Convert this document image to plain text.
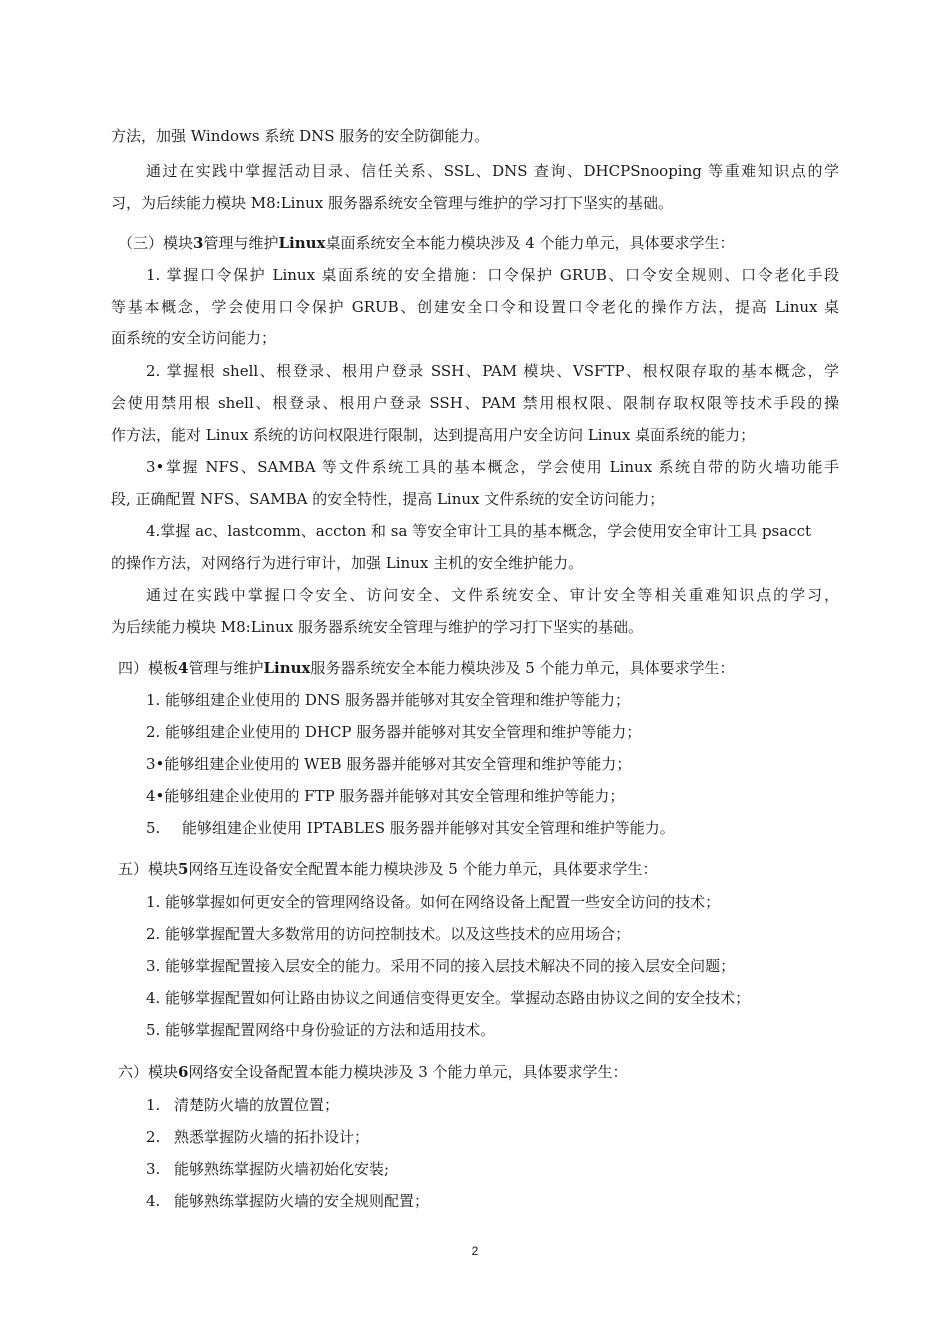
方法，加强 Windows 系统 DNS 服务的安全防御能力。
通过在实践中掌握活动目录、信任关系、SSL、DNS 查询、DHCPSnooping 等重难知识点的学
习，为后续能力模块 M8:Linux 服务器系统安全管理与维护的学习打下坚实的基础。
（三）模块3管理与维护Linux桌面系统安全本能力模块涉及 4 个能力单元，具体要求学生：
1. 掌握口令保护 Linux 桌面系统的安全措施：口令保护 GRUB、口令安全规则、口令老化手段
等基本概念，学会使用口令保护 GRUB、创建安全口令和设置口令老化的操作方法，提高 Linux 桌
面系统的安全访问能力；
2. 掌握根 shell、根登录、根用户登录 SSH、PAM 模块、VSFTP、根权限存取的基本概念，学
会使用禁用根 shell、根登录、根用户登录 SSH、PAM 禁用根权限、限制存取权限等技术手段的操
作方法，能对 Linux 系统的访问权限进行限制，达到提高用户安全访问 Linux 桌面系统的能力；
3•掌握 NFS、SAMBA 等文件系统工具的基本概念，学会使用 Linux 系统自带的防火墙功能手
段, 正确配置 NFS、SAMBA 的安全特性，提高 Linux 文件系统的安全访问能力；
4.掌握 ac、lastcomm、accton 和 sa 等安全审计工具的基本概念，学会使用安全审计工具 psacct
的操作方法，对网络行为进行审计，加强 Linux 主机的安全维护能力。
通过在实践中掌握口令安全、访问安全、文件系统安全、审计安全等相关重难知识点的学习，
为后续能力模块 M8:Linux 服务器系统安全管理与维护的学习打下坚实的基础。
四）模板4管理与维护Linux服务器系统安全本能力模块涉及 5 个能力单元，具体要求学生：
1. 能够组建企业使用的 DNS 服务器并能够对其安全管理和维护等能力；
2. 能够组建企业使用的 DHCP 服务器并能够对其安全管理和维护等能力；
3•能够组建企业使用的 WEB 服务器并能够对其安全管理和维护等能力；
4•能够组建企业使用的 FTP 服务器并能够对其安全管理和维护等能力；
5. 能够组建企业使用 IPTABLES 服务器并能够对其安全管理和维护等能力。
五）模块5网络互连设备安全配置本能力模块涉及 5 个能力单元，具体要求学生：
1. 能够掌握如何更安全的管理网络设备。如何在网络设备上配置一些安全访问的技术；
2. 能够掌握配置大多数常用的访问控制技术。以及这些技术的应用场合；
3. 能够掌握配置接入层安全的能力。采用不同的接入层技术解决不同的接入层安全问题；
4. 能够掌握配置如何让路由协议之间通信变得更安全。掌握动态路由协议之间的安全技术；
5. 能够掌握配置网络中身份验证的方法和适用技术。
六）模块6网络安全设备配置本能力模块涉及 3 个能力单元，具体要求学生：
1. 清楚防火墙的放置位置；
2. 熟悉掌握防火墙的拓扑设计；
3. 能够熟练掌握防火墙初始化安装;
4. 能够熟练掌握防火墙的安全规则配置；
2
